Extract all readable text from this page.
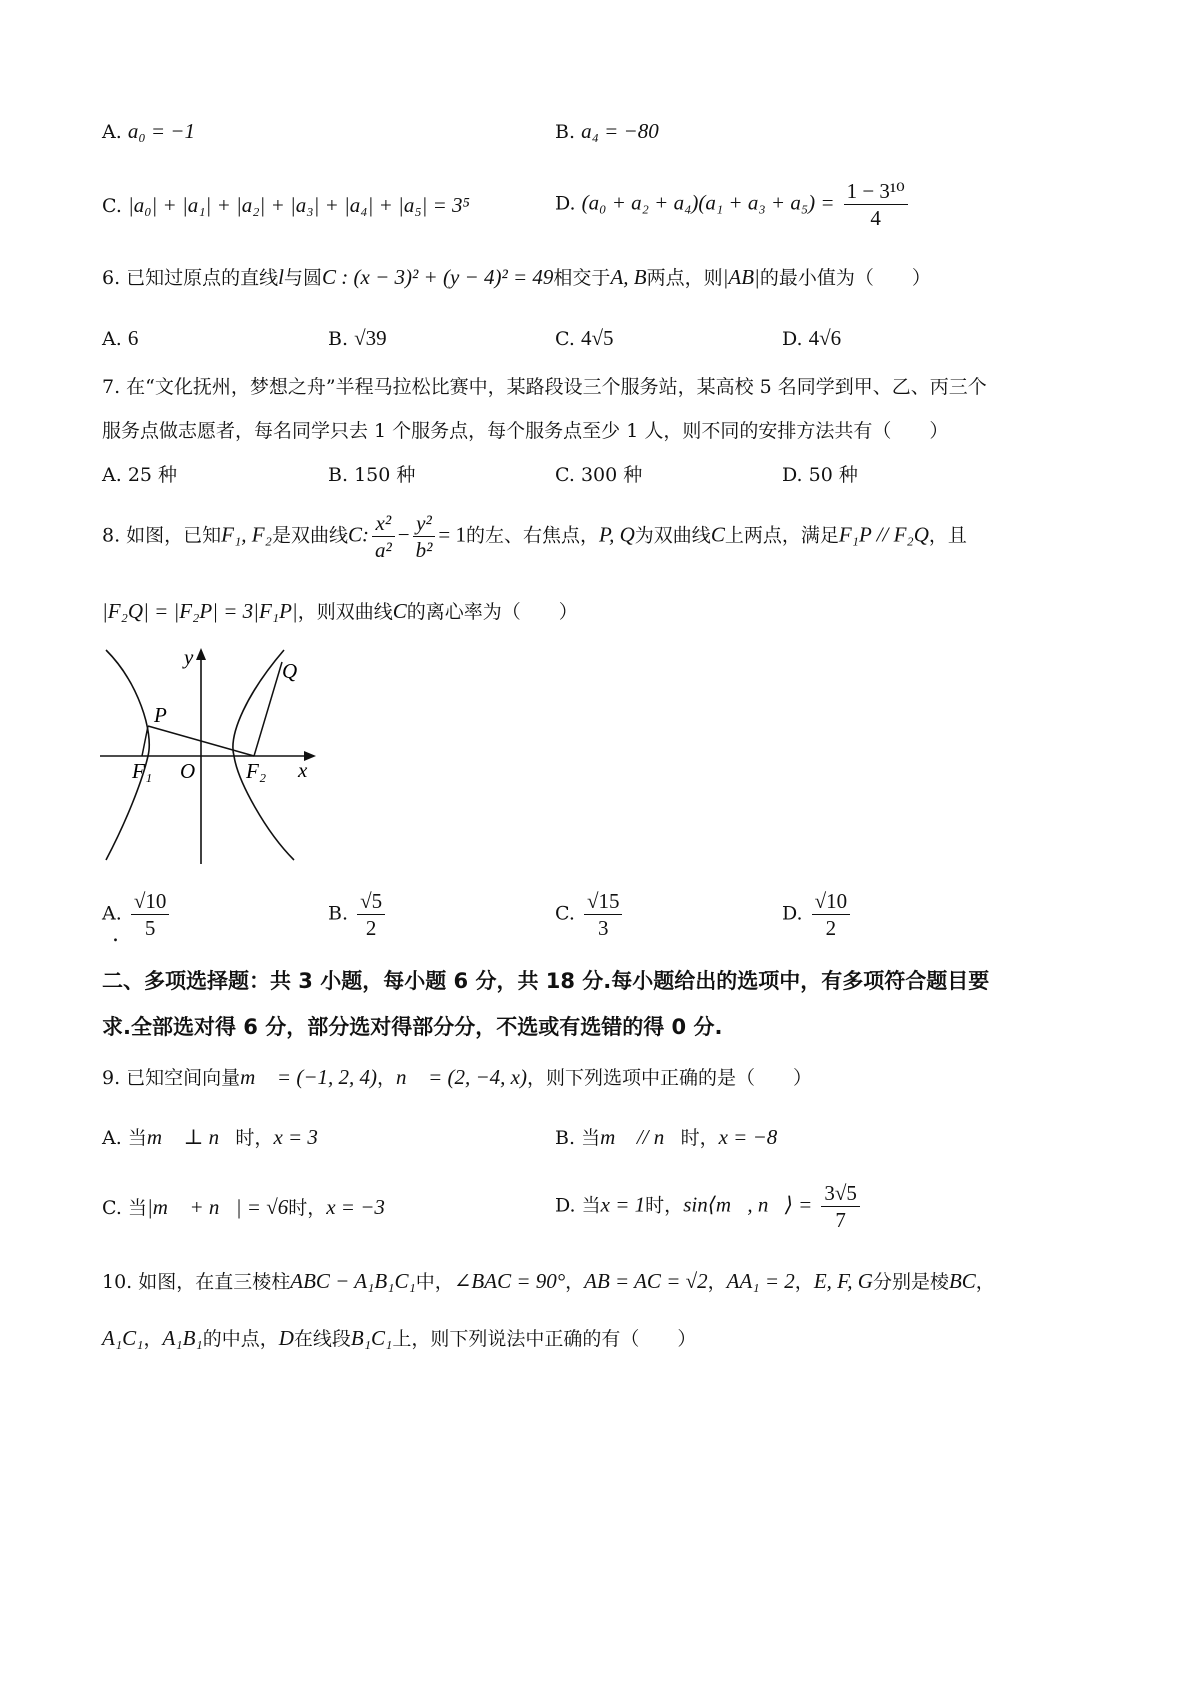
A. a₀ = −1	B. a₄ = −80
C. |a₀| + |a₁| + |a₂| + |a₃| + |a₄| + |a₅| = 3⁵	D. $(a_0 + a_2 + a_4)(a_1 + a_3 + a_5) = \frac{\text{1 − 3¹⁰}}{4}$
6. 已知过原点的直线l与圆C : (x − 3)² + (y − 4)² = 49相交于A, B两点，则|AB|的最小值为（　　）
A. 6	B. √39	C. 4√5	D. 4√6
7. 在“文化抚州，梦想之舟”半程马拉松比赛中，某路段设三个服务站，某高校 5 名同学到甲、乙、丙三个
服务点做志愿者，每名同学只去 1 个服务点，每个服务点至少 1 人，则不同的安排方法共有（　　）
A. 25 种	B. 150 种	C. 300 种	D. 50 种
8. 如图，已知F₁, F₂是双曲线C: $\frac{\text{x²}}{\text{a²}} - \frac{\text{y²}}{\text{b²}} = 1$的左、右焦点，P, Q为双曲线C上两点，满足F₁P // F₂Q，且
|F₂Q| = |F₂P| = 3|F₁P|，则双曲线C的离心率为（　　）
y
x
O
P
Q
F₁	F₂
A. $\frac{√10}{5}$
.
B. $\frac{√5}{2}$	C. $\frac{√15}{3}$	D. $\frac{√10}{2}$
二、多项选择题：共 3 小题，每小题 6 分，共 18 分.每小题给出的选项中，有多项符合题目要
求.全部选对得 6 分，部分选对得部分分，不选或有选错的得 0 分.
9. 已知空间向量m⃗ = (−1, 2, 4)，n⃗ = (2, −4, x)，则下列选项中正确的是（　　）
A. 当m⃗ ⊥ n⃗时，x = 3	B. 当m⃗ // n⃗时，x = −8
C. 当|m⃗ + n⃗| = √6时，x = −3	D. 当x = 1时，sin⟨m⃗, n⃗⟩ = $\frac{3√5}{7}$
10. 如图，在直三棱柱ABC − A₁B₁C₁中，∠BAC = 90°，AB = AC = √2，AA₁ = 2，E, F, G分别是棱BC，
A₁C₁，A₁B₁的中点，D在线段B₁C₁上，则下列说法中正确的有（　　）
